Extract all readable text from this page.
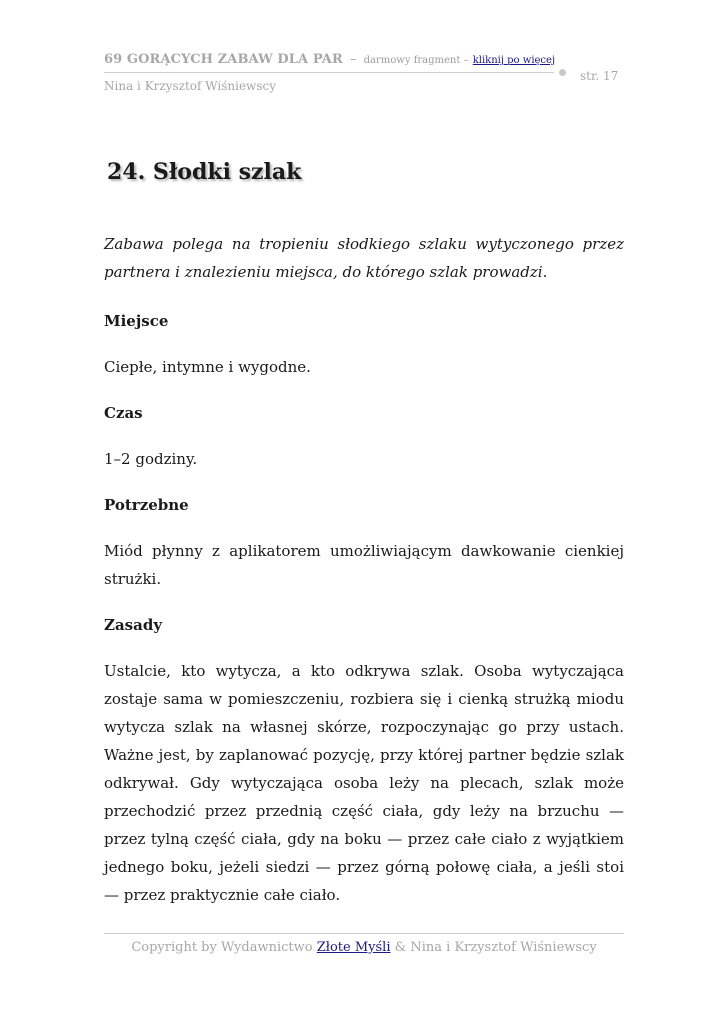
69 GORĄCYCH ZABAW DLA PAR – darmowy fragment – kliknij po więcej
str. 17
Nina i Krzysztof Wiśniewscy
24. Słodki szlak

Zabawa polega na tropieniu słodkiego szlaku wytyczonego przez partnera i znalezieniu miejsca, do którego szlak prowadzi.

Miejsce

Ciepłe, intymne i wygodne.

Czas

1–2 godziny.

Potrzebne

Miód płynny z aplikatorem umożliwiającym dawkowanie cienkiej strużki.

Zasady

Ustalcie, kto wytycza, a kto odkrywa szlak. Osoba wytyczająca zostaje sama w pomieszczeniu, rozbiera się i cienką strużką miodu wytycza szlak na własnej skórze, rozpoczynając go przy ustach. Ważne jest, by zaplanować pozycję, przy której partner będzie szlak odkrywał. Gdy wytyczająca osoba leży na plecach, szlak może przechodzić przez przednią część ciała, gdy leży na brzuchu — przez tylną część ciała, gdy na boku — przez całe ciało z wyjątkiem jednego boku, jeżeli siedzi — przez górną połowę ciała, a jeśli stoi — przez praktycznie całe ciało.

Copyright by Wydawnictwo Złote Myśli & Nina i Krzysztof Wiśniewscy
